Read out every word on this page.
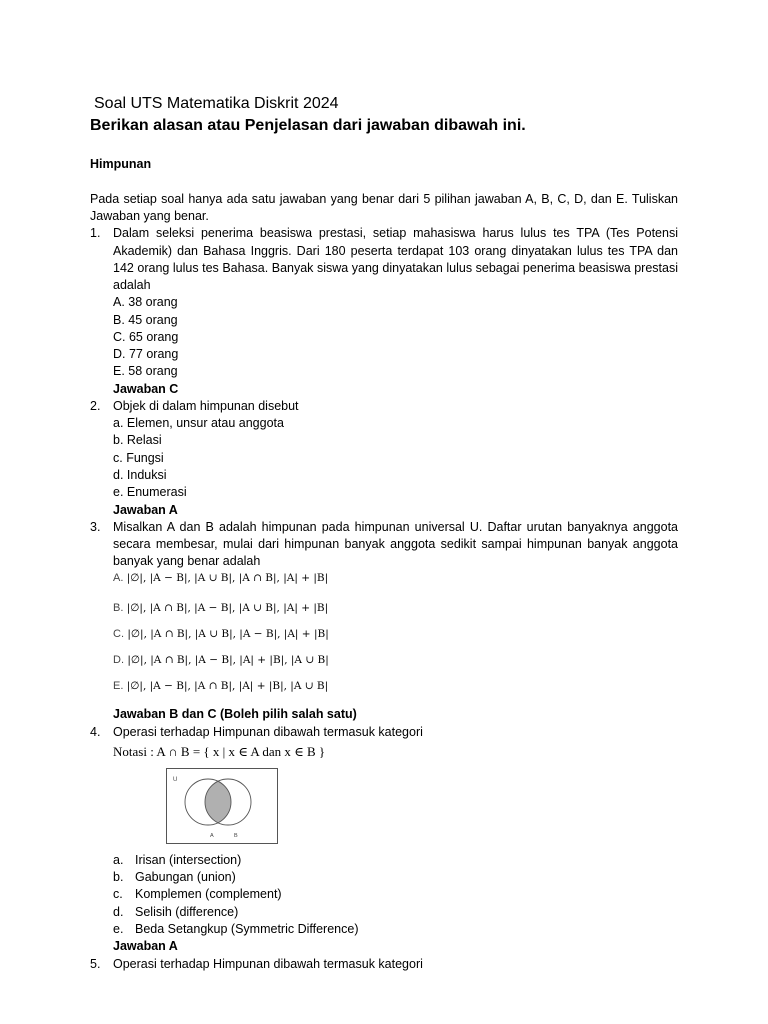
Soal UTS Matematika Diskrit 2024
Berikan alasan atau Penjelasan dari jawaban dibawah ini.
Himpunan
Pada setiap soal hanya ada satu jawaban yang benar dari 5 pilihan jawaban A, B, C, D, dan E. Tuliskan Jawaban yang benar.
1. Dalam seleksi penerima beasiswa prestasi, setiap mahasiswa harus lulus tes TPA (Tes Potensi Akademik) dan Bahasa Inggris. Dari 180 peserta terdapat 103 orang dinyatakan lulus tes TPA dan 142 orang lulus tes Bahasa. Banyak siswa yang dinyatakan lulus sebagai penerima beasiswa prestasi adalah
A. 38 orang
B. 45 orang
C. 65 orang
D. 77 orang
E. 58 orang
Jawaban C
2. Objek di dalam himpunan disebut
a. Elemen, unsur atau anggota
b. Relasi
c. Fungsi
d. Induksi
e. Enumerasi
Jawaban A
3. Misalkan A dan B adalah himpunan pada himpunan universal U. Daftar urutan banyaknya anggota secara membesar, mulai dari himpunan banyak anggota sedikit sampai himpunan banyak anggota banyak yang benar adalah
A. |∅|, |A − B|, |A ∪ B|, |A ∩ B|, |A| + |B|
B. |∅|, |A ∩ B|, |A − B|, |A ∪ B|, |A| + |B|
C. |∅|, |A ∩ B|, |A ∪ B|, |A − B|, |A| + |B|
D. |∅|, |A ∩ B|, |A − B|, |A| + |B|, |A ∪ B|
E. |∅|, |A − B|, |A ∩ B|, |A| + |B|, |A ∪ B|
Jawaban B dan C (Boleh pilih salah satu)
4. Operasi terhadap Himpunan dibawah termasuk kategori
Notasi : A ∩ B = { x | x ∈ A dan x ∈ B }
U
A	B
a. Irisan (intersection)
b. Gabungan (union)
c. Komplemen (complement)
d. Selisih (difference)
e. Beda Setangkup (Symmetric Difference)
Jawaban A
5. Operasi terhadap Himpunan dibawah termasuk kategori
